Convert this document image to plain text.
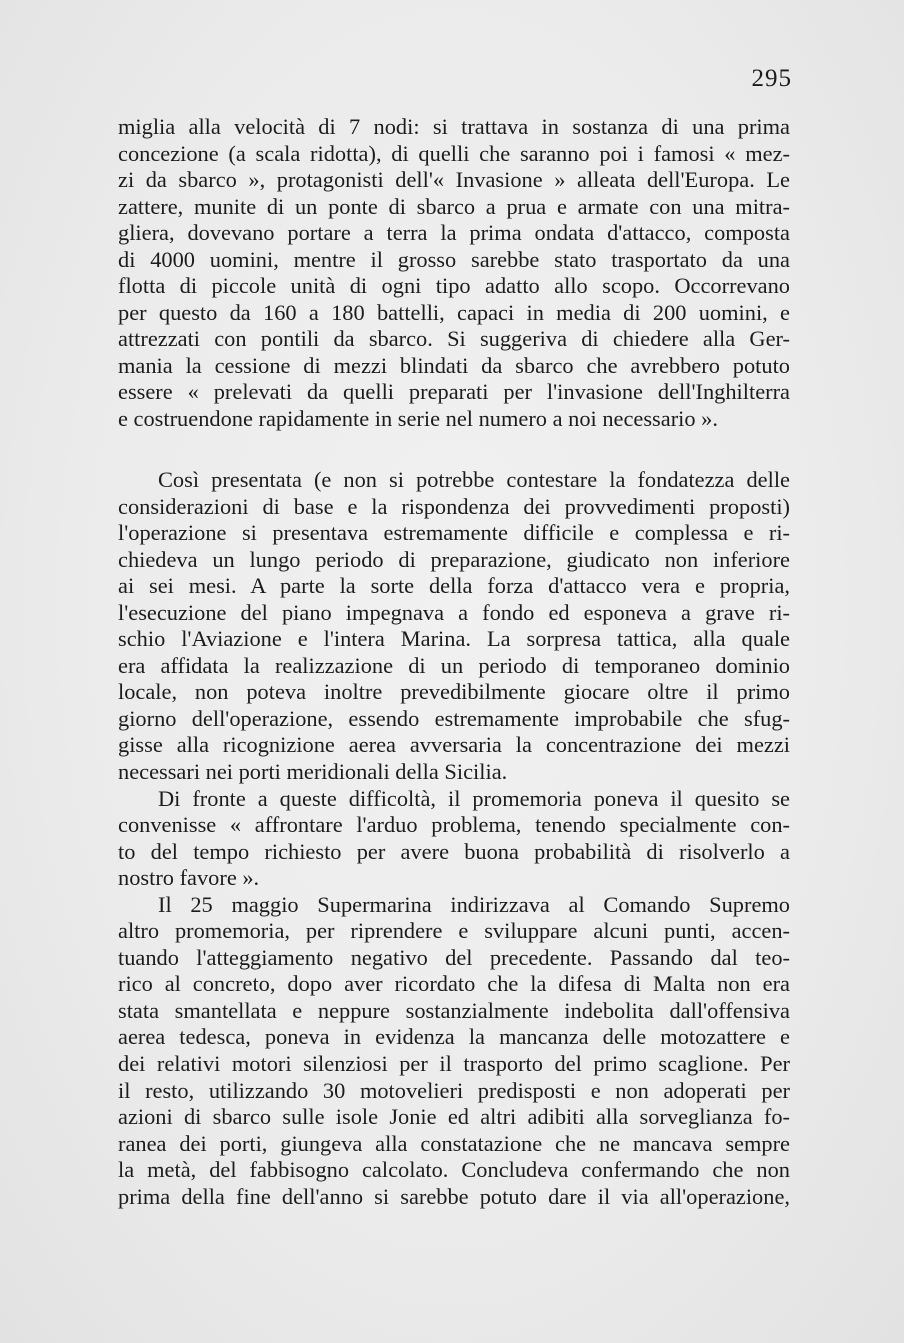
295
miglia alla velocità di 7 nodi: si trattava in sostanza di una prima
concezione (a scala ridotta), di quelli che saranno poi i famosi « mez-
zi da sbarco », protagonisti dell'« Invasione » alleata dell'Europa. Le
zattere, munite di un ponte di sbarco a prua e armate con una mitra-
gliera, dovevano portare a terra la prima ondata d'attacco, composta
di 4000 uomini, mentre il grosso sarebbe stato trasportato da una
flotta di piccole unità di ogni tipo adatto allo scopo. Occorrevano
per questo da 160 a 180 battelli, capaci in media di 200 uomini, e
attrezzati con pontili da sbarco. Si suggeriva di chiedere alla Ger-
mania la cessione di mezzi blindati da sbarco che avrebbero potuto
essere « prelevati da quelli preparati per l'invasione dell'Inghilterra
e costruendone rapidamente in serie nel numero a noi necessario ».
Così presentata (e non si potrebbe contestare la fondatezza delle
considerazioni di base e la rispondenza dei provvedimenti proposti)
l'operazione si presentava estremamente difficile e complessa e ri-
chiedeva un lungo periodo di preparazione, giudicato non inferiore
ai sei mesi. A parte la sorte della forza d'attacco vera e propria,
l'esecuzione del piano impegnava a fondo ed esponeva a grave ri-
schio l'Aviazione e l'intera Marina. La sorpresa tattica, alla quale
era affidata la realizzazione di un periodo di temporaneo dominio
locale, non poteva inoltre prevedibilmente giocare oltre il primo
giorno dell'operazione, essendo estremamente improbabile che sfug-
gisse alla ricognizione aerea avversaria la concentrazione dei mezzi
necessari nei porti meridionali della Sicilia.
Di fronte a queste difficoltà, il promemoria poneva il quesito se
convenisse « affrontare l'arduo problema, tenendo specialmente con-
to del tempo richiesto per avere buona probabilità di risolverlo a
nostro favore ».
Il 25 maggio Supermarina indirizzava al Comando Supremo
altro promemoria, per riprendere e sviluppare alcuni punti, accen-
tuando l'atteggiamento negativo del precedente. Passando dal teo-
rico al concreto, dopo aver ricordato che la difesa di Malta non era
stata smantellata e neppure sostanzialmente indebolita dall'offensiva
aerea tedesca, poneva in evidenza la mancanza delle motozattere e
dei relativi motori silenziosi per il trasporto del primo scaglione. Per
il resto, utilizzando 30 motovelieri predisposti e non adoperati per
azioni di sbarco sulle isole Jonie ed altri adibiti alla sorveglianza fo-
ranea dei porti, giungeva alla constatazione che ne mancava sempre
la metà, del fabbisogno calcolato. Concludeva confermando che non
prima della fine dell'anno si sarebbe potuto dare il via all'operazione,
